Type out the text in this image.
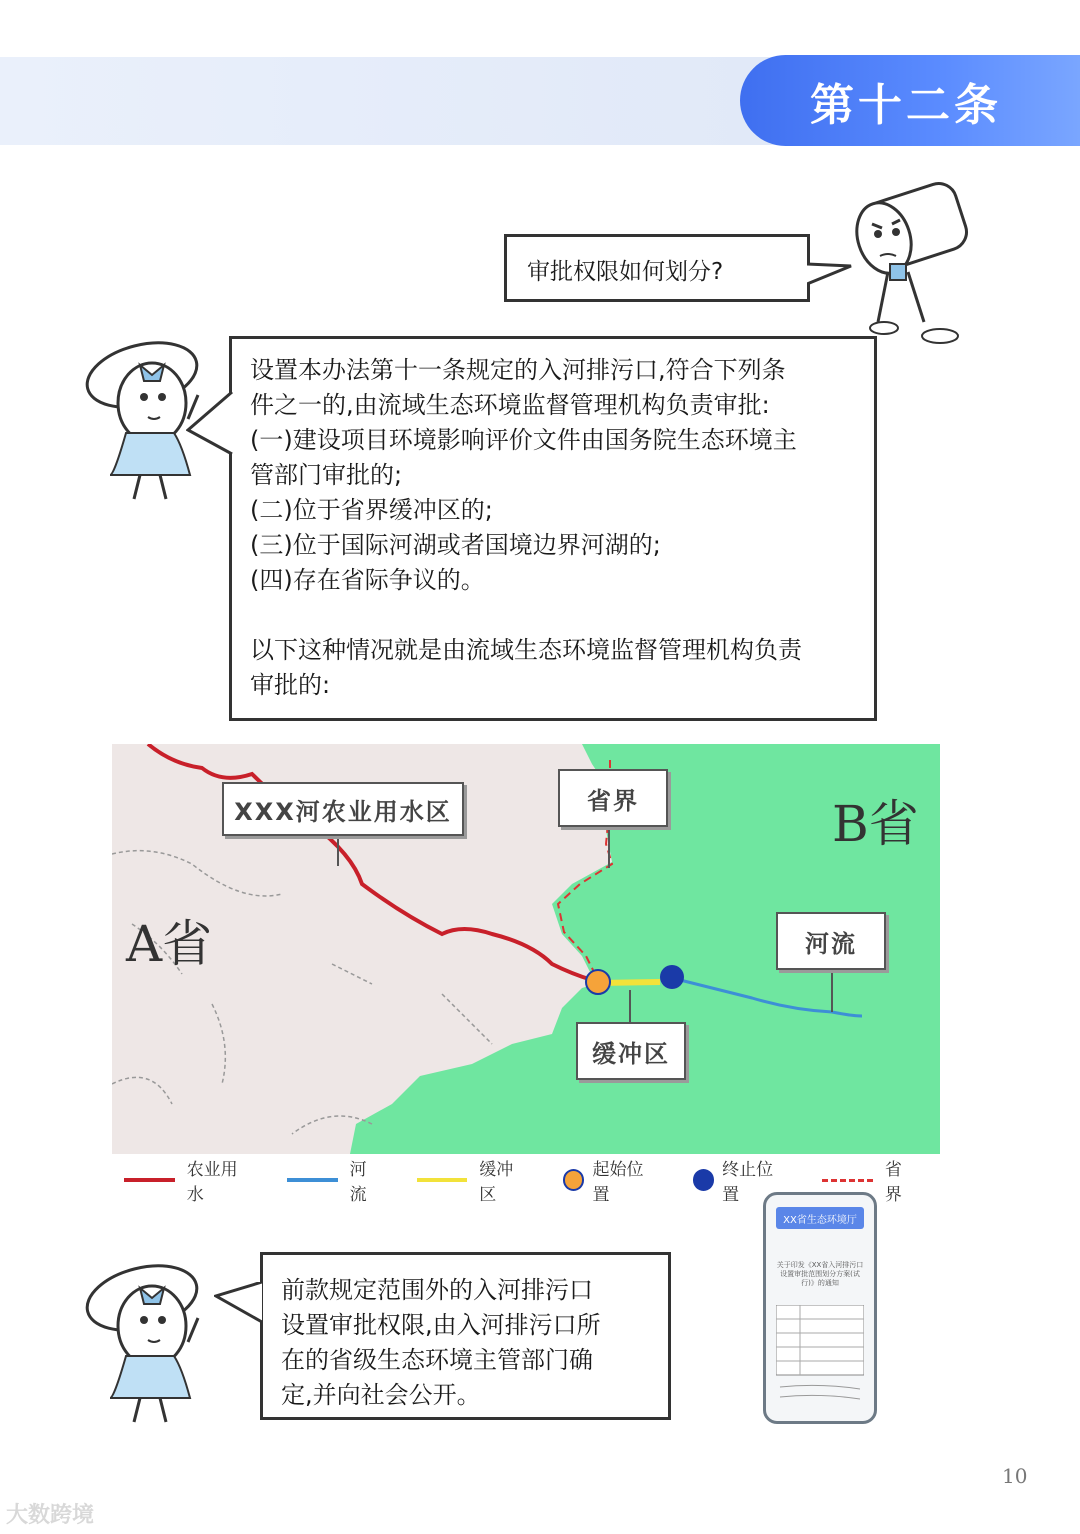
第十二条
审批权限如何划分?

设置本办法第十一条规定的入河排污口,符合下列条

件之一的,由流域生态环境监督管理机构负责审批:

(一)建设项目环境影响评价文件由国务院生态环境主

管部门审批的;

(二)位于省界缓冲区的;

(三)位于国际河湖或者国境边界河湖的;

(四)存在省际争议的。

以下这种情况就是由流域生态环境监督管理机构负责

审批的:

XXX河农业用水区	省界
河流
缓冲区
A省
B省
农业用水
河流
缓冲区
起始位置
终止位置
省界

前款规定范围外的入河排污口

设置审批权限,由入河排污口所

在的省级生态环境主管部门确

定,并向社会公开。

XX省生态环境厅
关于印发《XX省入河排污口设置审批范围划分方案(试行)》的通知
10
大数跨境
